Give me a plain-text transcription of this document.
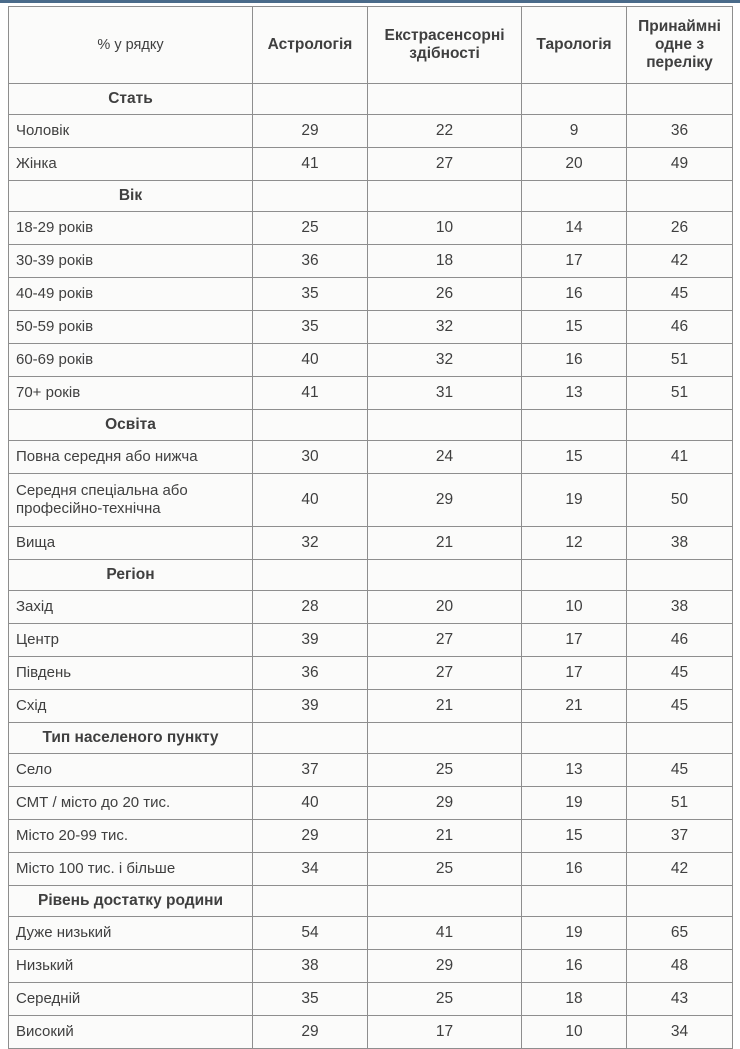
% у рядку	Астрологія	Екстрасенсорні здібності	Тарологія	Принаймні одне з переліку
Стать				
Чоловік	29	22	9	36
Жінка	41	27	20	49
Вік				
18-29 років	25	10	14	26
30-39 років	36	18	17	42
40-49 років	35	26	16	45
50-59 років	35	32	15	46
60-69 років	40	32	16	51
70+ років	41	31	13	51
Освіта				
Повна середня або нижча	30	24	15	41
Середня спеціальна або професійно-технічна	40	29	19	50
Вища	32	21	12	38
Регіон				
Захід	28	20	10	38
Центр	39	27	17	46
Південь	36	27	17	45
Схід	39	21	21	45
Тип населеного пункту				
Село	37	25	13	45
СМТ / місто до 20 тис.	40	29	19	51
Місто 20-99 тис.	29	21	15	37
Місто 100 тис. і більше	34	25	16	42
Рівень достатку родини				
Дуже низький	54	41	19	65
Низький	38	29	16	48
Середній	35	25	18	43
Високий	29	17	10	34
